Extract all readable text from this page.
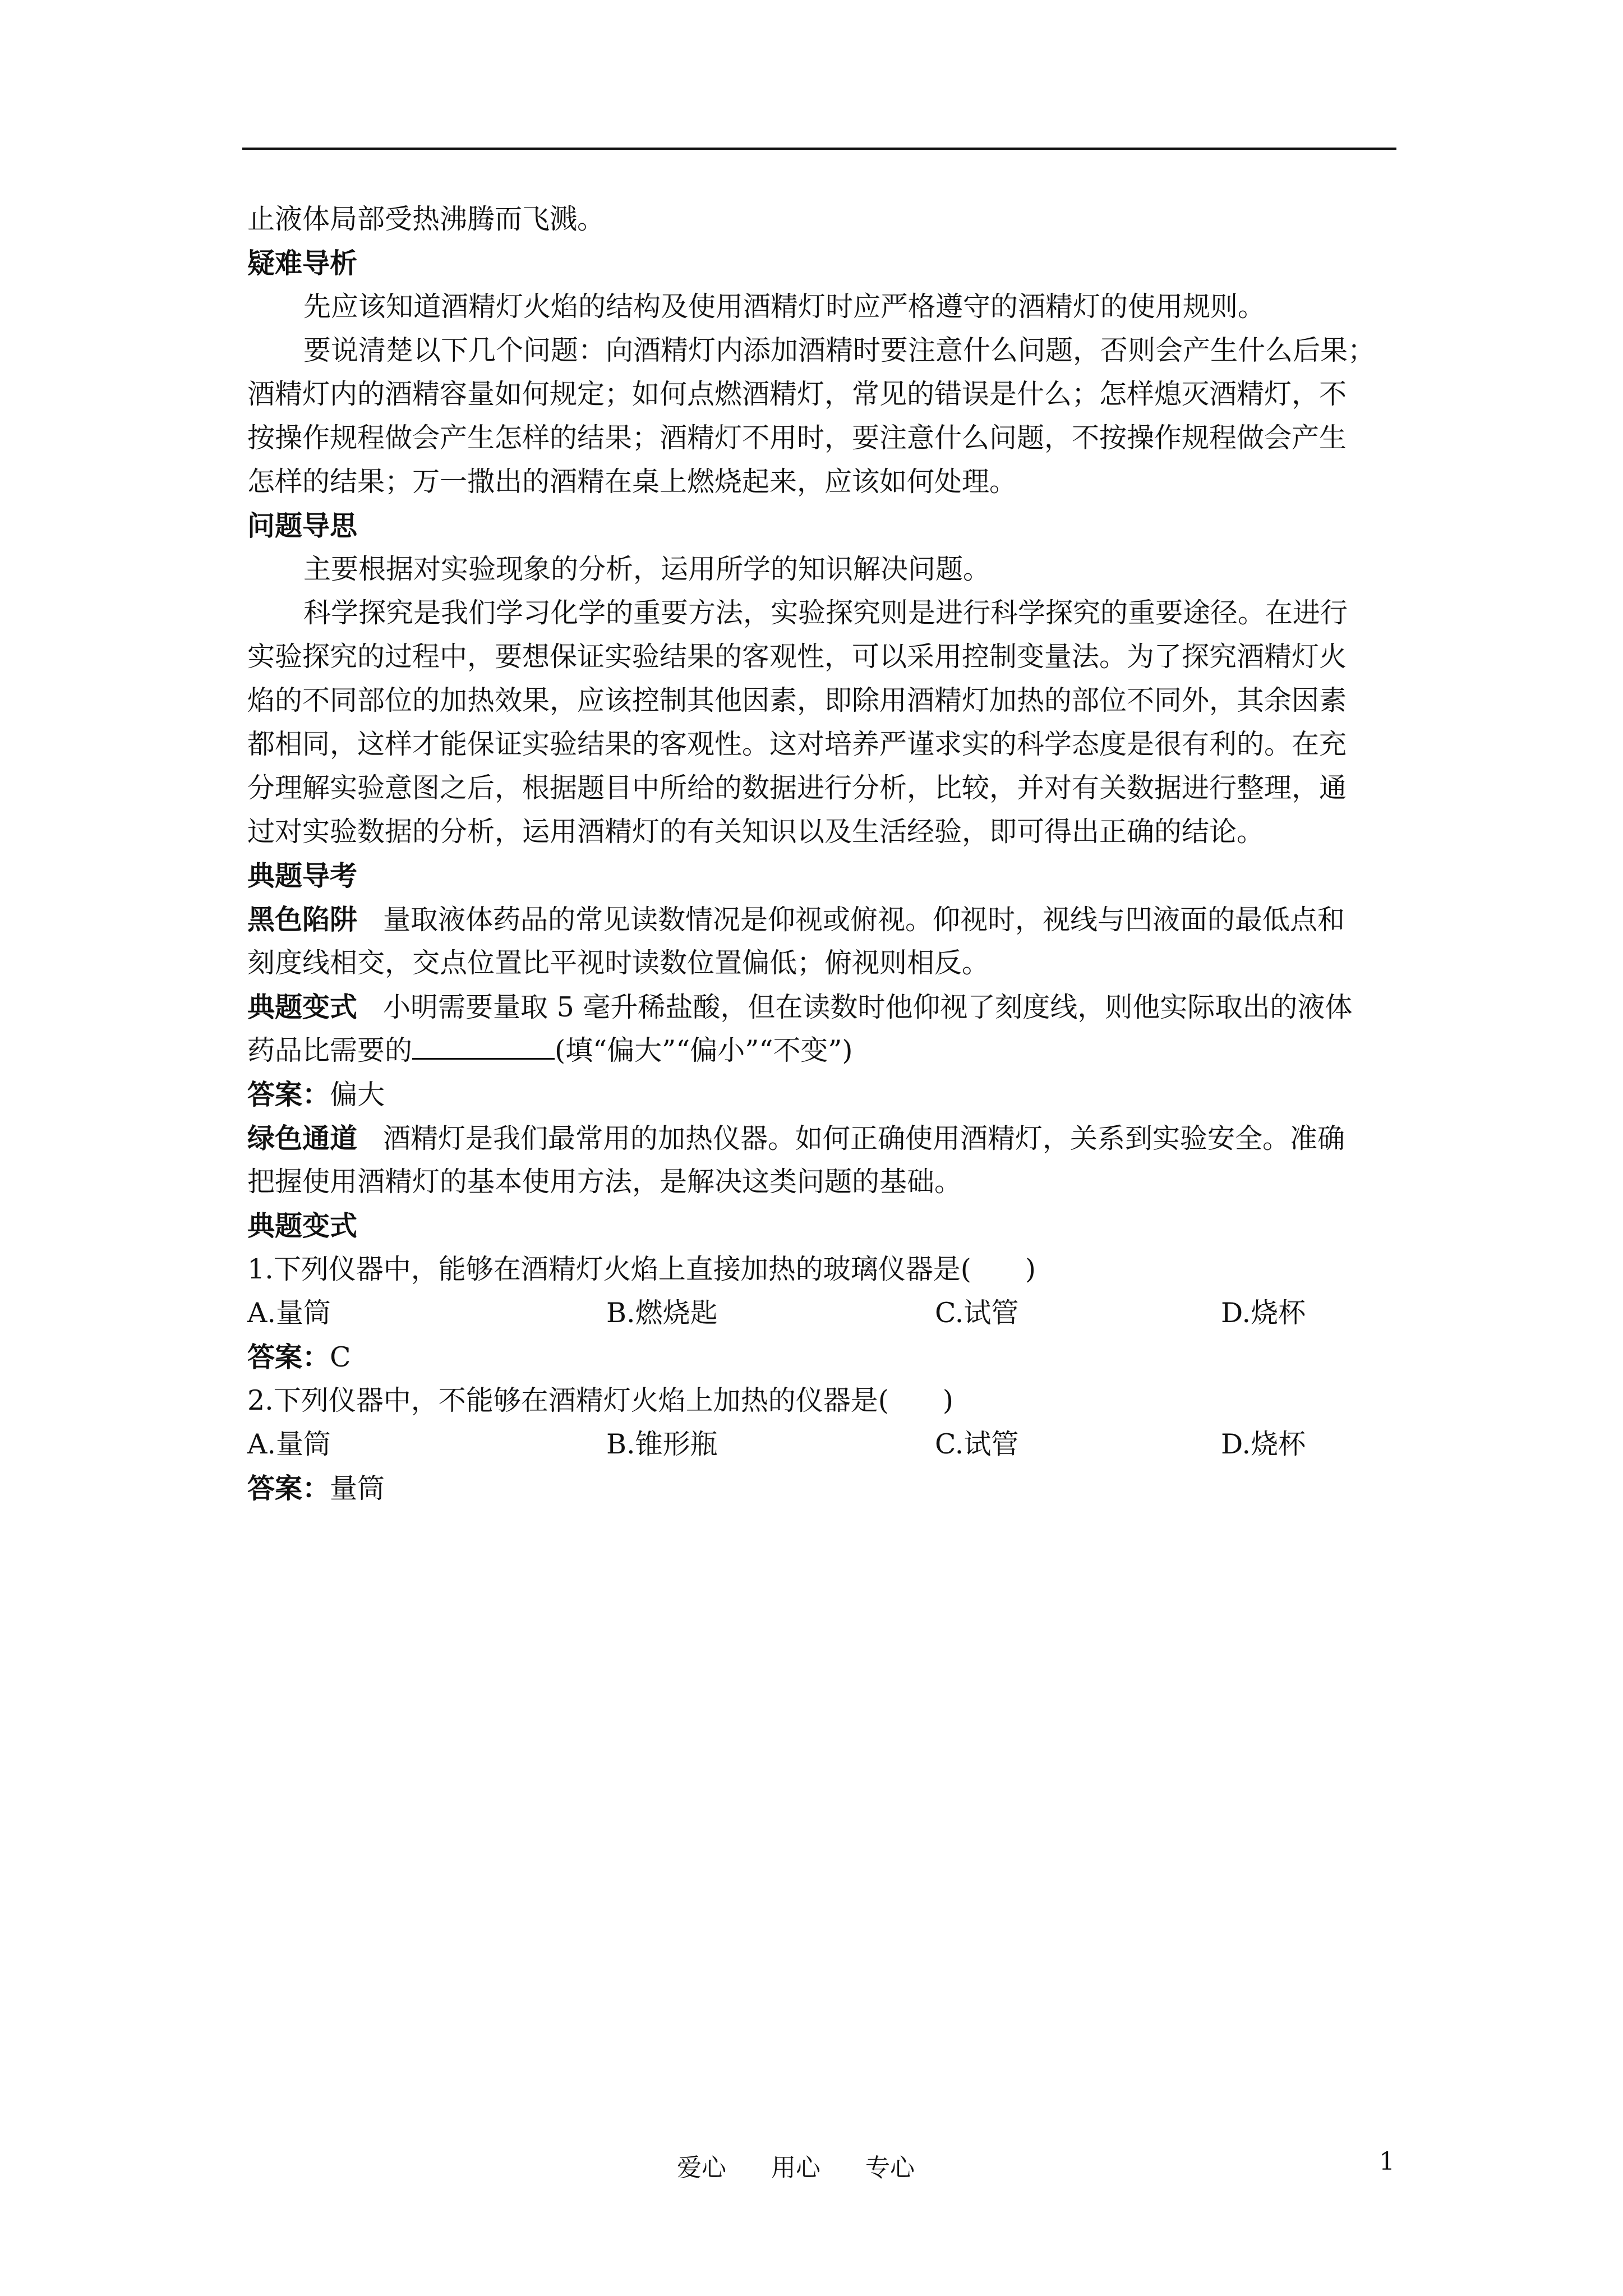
止液体局部受热沸腾而飞溅。
疑难导析
先应该知道酒精灯火焰的结构及使用酒精灯时应严格遵守的酒精灯的使用规则。
要说清楚以下几个问题：向酒精灯内添加酒精时要注意什么问题，否则会产生什么后果；
酒精灯内的酒精容量如何规定；如何点燃酒精灯，常见的错误是什么；怎样熄灭酒精灯，不
按操作规程做会产生怎样的结果；酒精灯不用时，要注意什么问题，不按操作规程做会产生
怎样的结果；万一撒出的酒精在桌上燃烧起来，应该如何处理。
问题导思
主要根据对实验现象的分析，运用所学的知识解决问题。
科学探究是我们学习化学的重要方法，实验探究则是进行科学探究的重要途径。在进行
实验探究的过程中，要想保证实验结果的客观性，可以采用控制变量法。为了探究酒精灯火
焰的不同部位的加热效果，应该控制其他因素，即除用酒精灯加热的部位不同外，其余因素
都相同，这样才能保证实验结果的客观性。这对培养严谨求实的科学态度是很有利的。在充
分理解实验意图之后，根据题目中所给的数据进行分析，比较，并对有关数据进行整理，通
过对实验数据的分析，运用酒精灯的有关知识以及生活经验，即可得出正确的结论。
典题导考
黑色陷阱 量取液体药品的常见读数情况是仰视或俯视。仰视时，视线与凹液面的最低点和
刻度线相交，交点位置比平视时读数位置偏低；俯视则相反。
典题变式 小明需要量取 5 毫升稀盐酸，但在读数时他仰视了刻度线，则他实际取出的液体
药品比需要的	(填“偏大”“偏小”“不变”)
答案：偏大
绿色通道 酒精灯是我们最常用的加热仪器。如何正确使用酒精灯，关系到实验安全。准确
把握使用酒精灯的基本使用方法，是解决这类问题的基础。
典题变式
1.下列仪器中，能够在酒精灯火焰上直接加热的玻璃仪器是( )
A.量筒	B.燃烧匙	C.试管	D.烧杯
答案：C
2.下列仪器中，不能够在酒精灯火焰上加热的仪器是( )
A.量筒	B.锥形瓶	C.试管	D.烧杯
答案：量筒
爱心 用心 专心	1
